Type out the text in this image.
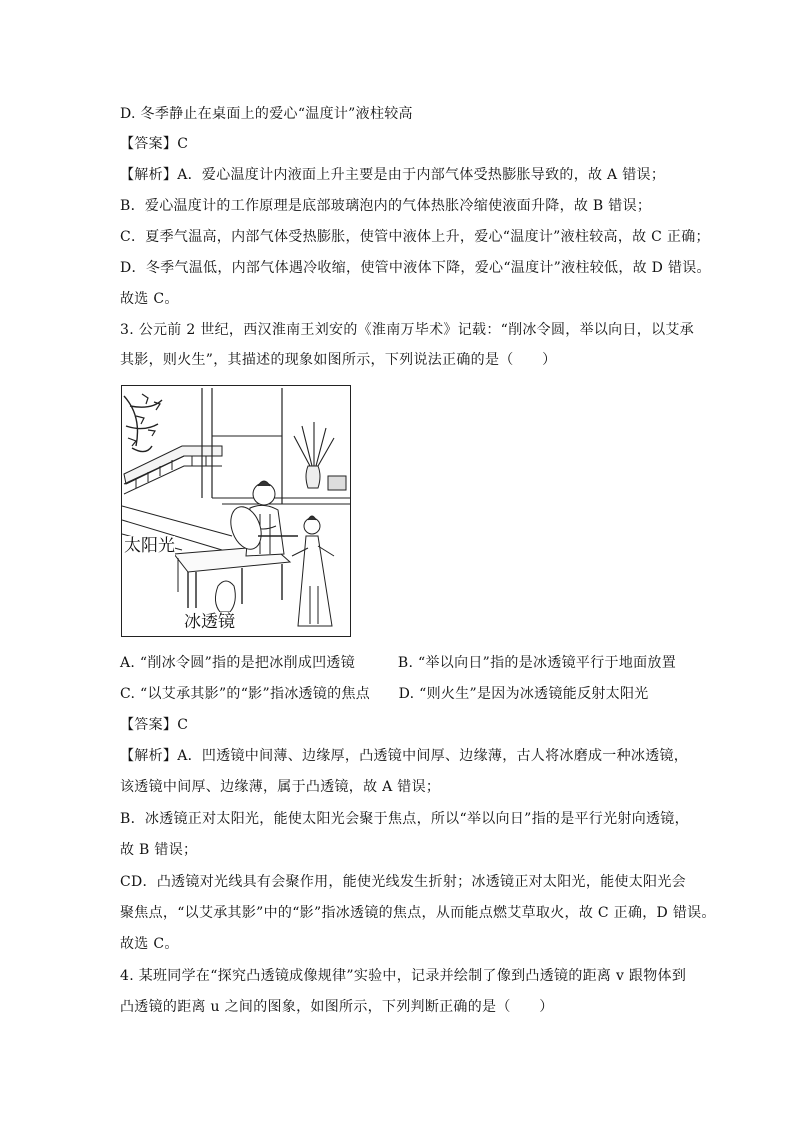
D. 冬季静止在桌面上的爱心“温度计”液柱较高
【答案】C
【解析】A．爱心温度计内液面上升主要是由于内部气体受热膨胀导致的，故 A 错误；
B．爱心温度计的工作原理是底部玻璃泡内的气体热胀冷缩使液面升降，故 B 错误；
C．夏季气温高，内部气体受热膨胀，使管中液体上升，爱心“温度计”液柱较高，故 C 正确；
D．冬季气温低，内部气体遇冷收缩，使管中液体下降，爱心“温度计”液柱较低，故 D 错误。
故选 C。
3. 公元前 2 世纪，西汉淮南王刘安的《淮南万毕术》记载：“削冰令圆，举以向日，以艾承
其影，则火生”，其描述的现象如图所示，下列说法正确的是（　　）
太阳光
冰透镜
A. “削冰令圆”指的是把冰削成凹透镜　　　B. “举以向日”指的是冰透镜平行于地面放置
C. “以艾承其影”的“影”指冰透镜的焦点　　D. “则火生”是因为冰透镜能反射太阳光
【答案】C
【解析】A．凹透镜中间薄、边缘厚，凸透镜中间厚、边缘薄，古人将冰磨成一种冰透镜，
该透镜中间厚、边缘薄，属于凸透镜，故 A 错误；
B．冰透镜正对太阳光，能使太阳光会聚于焦点，所以“举以向日”指的是平行光射向透镜，
故 B 错误；
CD．凸透镜对光线具有会聚作用，能使光线发生折射；冰透镜正对太阳光，能使太阳光会
聚焦点，“以艾承其影”中的“影”指冰透镜的焦点，从而能点燃艾草取火，故 C 正确，D 错误。
故选 C。
4. 某班同学在“探究凸透镜成像规律”实验中，记录并绘制了像到凸透镜的距离 v 跟物体到
凸透镜的距离 u 之间的图象，如图所示，下列判断正确的是（　　）
